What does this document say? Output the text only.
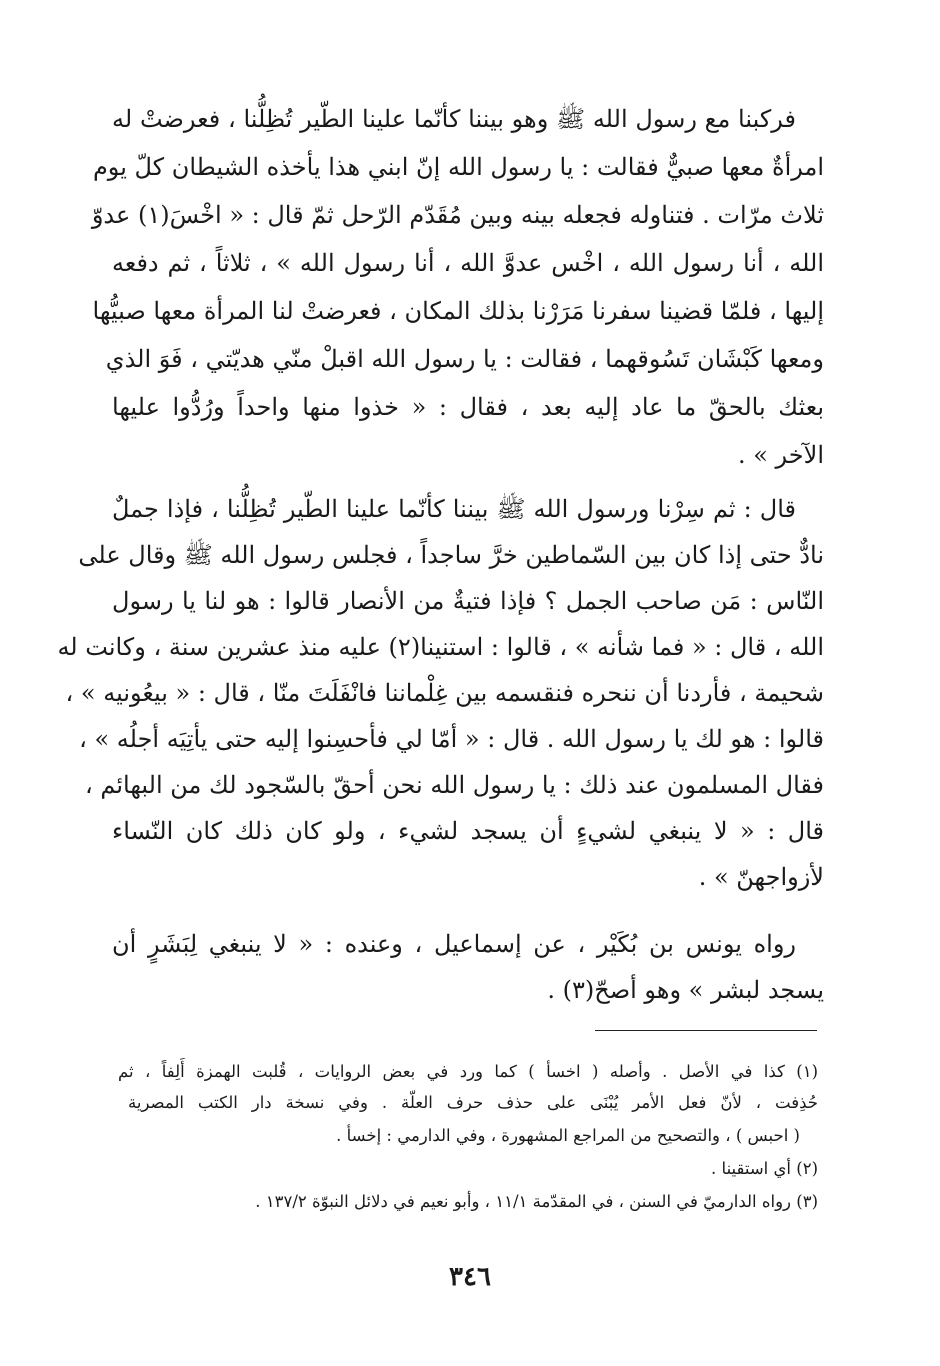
فركبنا مع رسول الله ﷺ وهو بيننا كأنّما علينا الطّير تُظِلُّنا ، فعرضتْ له
امرأةٌ معها صبيٌّ فقالت : يا رسول الله إنّ ابني هذا يأخذه الشيطان كلّ يوم
ثلاث مرّات . فتناوله فجعله بينه وبين مُقَدّم الرّحل ثمّ قال : « اخْسَ(١) عدوّ
الله ، أنا رسول الله ، اخْس عدوَّ الله ، أنا رسول الله » ، ثلاثاً ، ثم دفعه
إليها ، فلمّا قضينا سفرنا مَرَرْنا بذلك المكان ، فعرضتْ لنا المرأة معها صبيُّها
ومعها كَبْشَان تَسُوقهما ، فقالت : يا رسول الله اقبلْ منّي هديّتي ، فَوَ الذي
بعثك بالحقّ ما عاد إليه بعد ، فقال : « خذوا منها واحداً ورُدُّوا عليها
الآخر » .
قال : ثم سِرْنا ورسول الله ﷺ بيننا كأنّما علينا الطّير تُظِلُّنا ، فإذا جملٌ
نادٌّ حتى إذا كان بين السّماطين خرَّ ساجداً ، فجلس رسول الله ﷺ وقال على
النّاس : مَن صاحب الجمل ؟ فإذا فتيةٌ من الأنصار قالوا : هو لنا يا رسول
الله ، قال : « فما شأنه » ، قالوا : استنينا(٢) عليه منذ عشرين سنة ، وكانت له
شحيمة ، فأردنا أن ننحره فنقسمه بين غِلْماننا فانْفَلَتَ منّا ، قال : « بيعُونيه » ،
قالوا : هو لك يا رسول الله . قال : « أمّا لي فأحسِنوا إليه حتى يأتِيَه أجلُه » ،
فقال المسلمون عند ذلك : يا رسول الله نحن أحقّ بالسّجود لك من البهائم ،
قال : « لا ينبغي لشيءٍ أن يسجد لشيء ، ولو كان ذلك كان النّساء
لأزواجهنّ » .
رواه يونس بن بُكَيْر ، عن إسماعيل ، وعنده : « لا ينبغي لِبَشَرٍ أن
يسجد لبشر » وهو أصحّ(٣) .
(١) كذا في الأصل . وأصله ( اخسأ ) كما ورد في بعض الروايات ، قُلبت الهمزة أَلِفاً ، ثم
حُذِفت ، لأنّ فعل الأمر يُبْنَى على حذف حرف العلّة . وفي نسخة دار الكتب المصرية
( احبس ) ، والتصحيح من المراجع المشهورة ، وفي الدارمي : إخسأ .
(٢) أي استقينا .
(٣) رواه الدارميّ في السنن ، في المقدّمة ١١/١ ، وأبو نعيم في دلائل النبوّة ١٣٧/٢ .
٣٤٦
